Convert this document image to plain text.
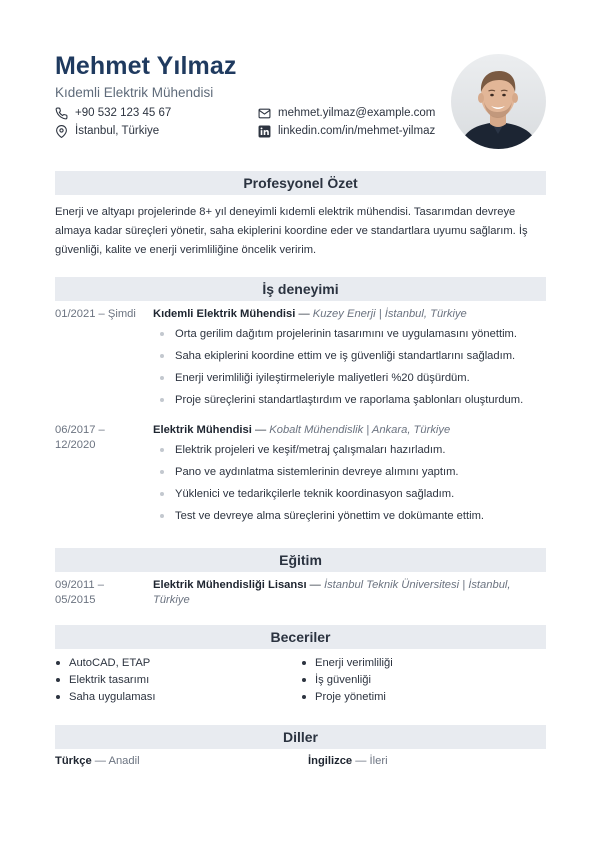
Mehmet Yılmaz
Kıdemli Elektrik Mühendisi
+90 532 123 45 67
İstanbul, Türkiye
mehmet.yilmaz@example.com
linkedin.com/in/mehmet-yilmaz
Profesyonel Özet
Enerji ve altyapı projelerinde 8+ yıl deneyimli kıdemli elektrik mühendisi. Tasarımdan devreye almaya kadar süreçleri yönetir, saha ekiplerini koordine eder ve standartlara uyumu sağlarım. İş güvenliği, kalite ve enerji verimliliğine öncelik veririm.
İş deneyimi
01/2021 – Şimdi Kıdemli Elektrik Mühendisi — Kuzey Enerji | İstanbul, Türkiye
Orta gerilim dağıtım projelerinin tasarımını ve uygulamasını yönettim.
Saha ekiplerini koordine ettim ve iş güvenliği standartlarını sağladım.
Enerji verimliliği iyileştirmeleriyle maliyetleri %20 düşürdüm.
Proje süreçlerini standartlaştırdım ve raporlama şablonları oluşturdum.
06/2017 – 12/2020
Elektrik Mühendisi — Kobalt Mühendislik | Ankara, Türkiye
Elektrik projeleri ve keşif/metraj çalışmaları hazırladım.
Pano ve aydınlatma sistemlerinin devreye alımını yaptım.
Yüklenici ve tedarikçilerle teknik koordinasyon sağladım.
Test ve devreye alma süreçlerini yönettim ve dokümante ettim.
Eğitim
09/2011 – 05/2015
Elektrik Mühendisliği Lisansı — İstanbul Teknik Üniversitesi | İstanbul, Türkiye
Beceriler
AutoCAD, ETAP
Elektrik tasarımı
Saha uygulaması
Enerji verimliliği
İş güvenliği
Proje yönetimi
Diller
Türkçe — Anadil	İngilizce — İleri
